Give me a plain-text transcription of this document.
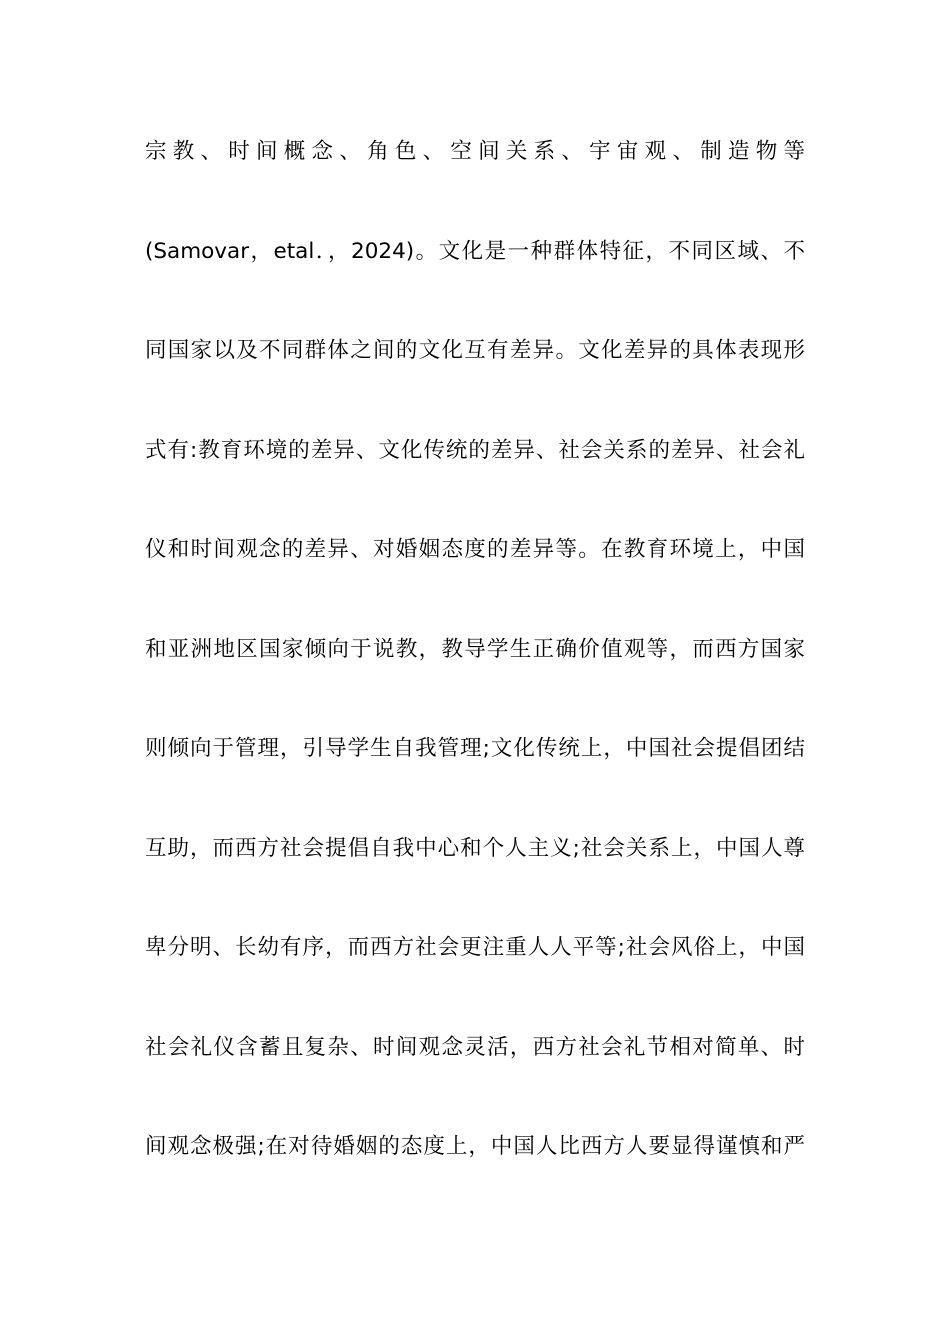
宗教、时间概念、角色、空间关系、宇宙观、制造物等
(Samovar，etal．，2024)。文化是一种群体特征，不同区域、不
同国家以及不同群体之间的文化互有差异。文化差异的具体表现形
式有:教育环境的差异、文化传统的差异、社会关系的差异、社会礼
仪和时间观念的差异、对婚姻态度的差异等。在教育环境上，中国
和亚洲地区国家倾向于说教，教导学生正确价值观等，而西方国家
则倾向于管理，引导学生自我管理;文化传统上，中国社会提倡团结
互助，而西方社会提倡自我中心和个人主义;社会关系上，中国人尊
卑分明、长幼有序，而西方社会更注重人人平等;社会风俗上，中国
社会礼仪含蓄且复杂、时间观念灵活，西方社会礼节相对简单、时
间观念极强;在对待婚姻的态度上，中国人比西方人要显得谨慎和严
